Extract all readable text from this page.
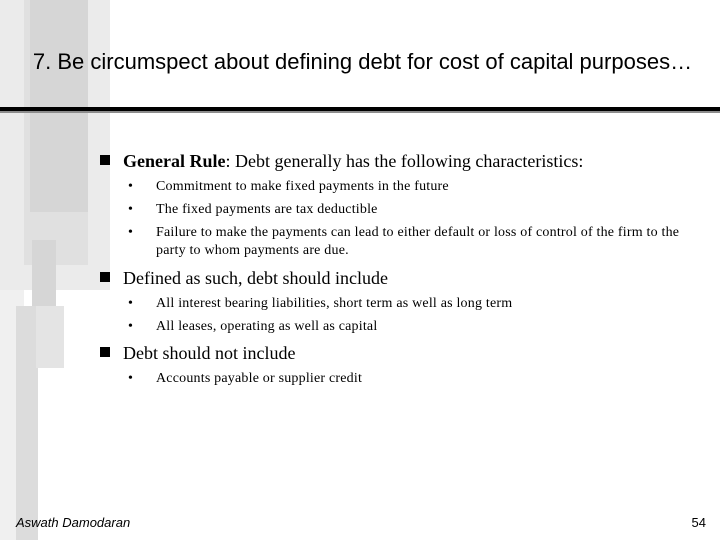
7. Be circumspect about defining debt for cost of capital purposes…
General Rule: Debt generally has the following characteristics:
• Commitment to make fixed payments in the future
• The fixed payments are tax deductible
• Failure to make the payments can lead to either default or loss of control of the firm to the party to whom payments are due.
Defined as such, debt should include
• All interest bearing liabilities, short term as well as long term
• All leases, operating as well as capital
Debt should not include
• Accounts payable or supplier credit
Aswath Damodaran	54
